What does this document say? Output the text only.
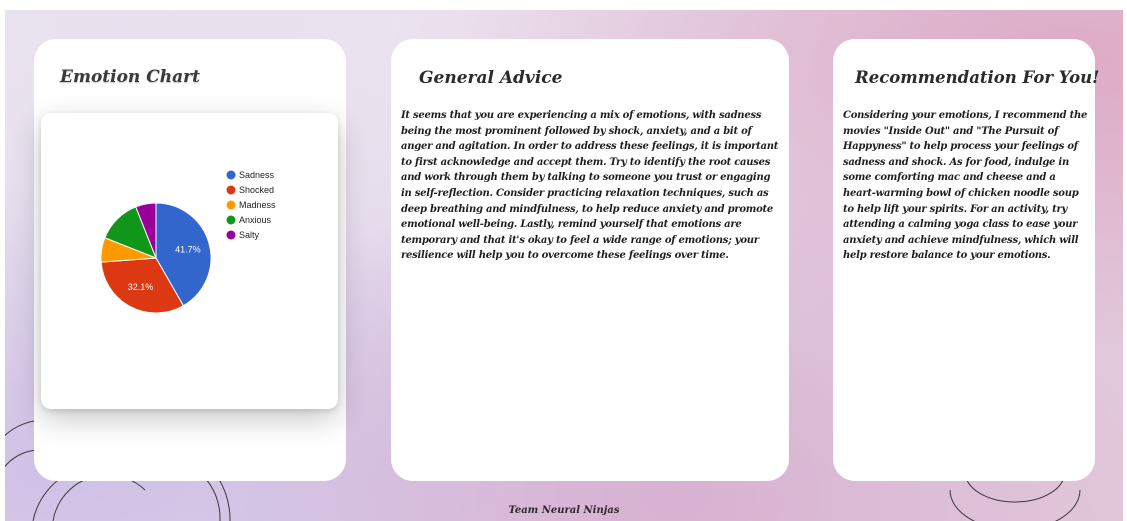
Emotion Chart
41.7%
32.1%
Sadness
Shocked
Madness
Anxious
Salty
General Advice

It seems that you are experiencing a mix of emotions, with sadness being the most prominent followed by shock, anxiety, and a bit of anger and agitation. In order to address these feelings, it is important to first acknowledge and accept them. Try to identify the root causes and work through them by talking to someone you trust or engaging in self-reflection. Consider practicing relaxation techniques, such as deep breathing and mindfulness, to help reduce anxiety and promote emotional well-being. Lastly, remind yourself that emotions are temporary and that it's okay to feel a wide range of emotions; your resilience will help you to overcome these feelings over time.

Recommendation For You!

Considering your emotions, I recommend the movies "Inside Out" and "The Pursuit of Happyness" to help process your feelings of sadness and shock. As for food, indulge in some comforting mac and cheese and a heart-warming bowl of chicken noodle soup to help lift your spirits. For an activity, try attending a calming yoga class to ease your anxiety and achieve mindfulness, which will help restore balance to your emotions.

Team Neural Ninjas
